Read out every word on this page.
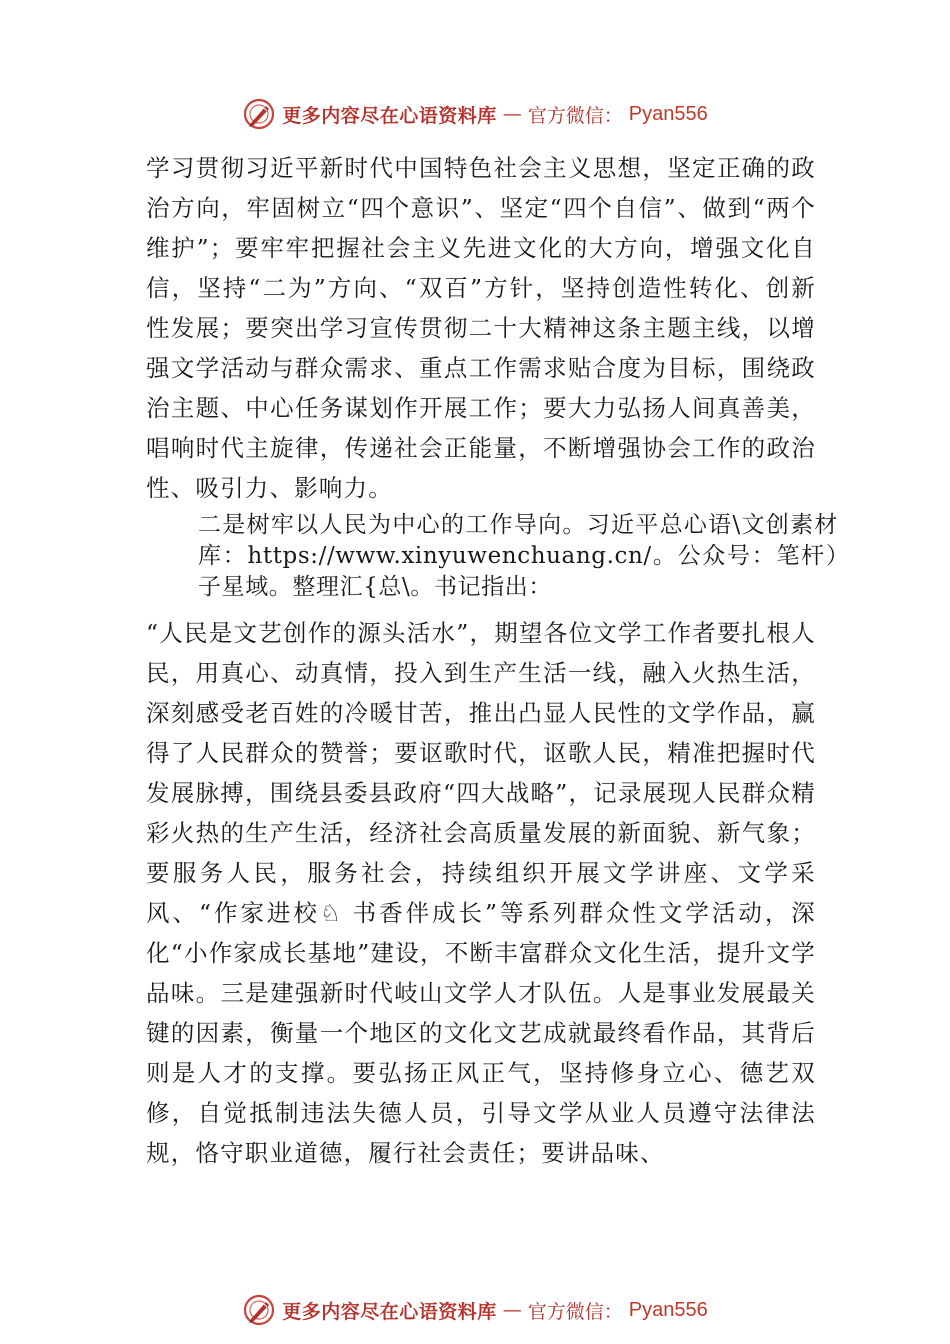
更多内容尽在心语资料库 — 官方微信： Pyan556

学习贯彻习近平新时代中国特色社会主义思想，坚定正确的政治方向，牢固树立“四个意识”、坚定“四个自信”、做到“两个维护”；要牢牢把握社会主义先进文化的大方向，增强文化自信，坚持“二为”方向、“双百”方针，坚持创造性转化、创新 性发展；要突出学习宣传贯彻二十大精神这条主题主线，以增强文学活动与群众需求、重点工作需求贴合度为目标，围绕政治主题、中心任务谋划作开展工作；要大力弘扬人间真善美，唱响时代主旋律，传递社会正能量，不断增强协会工作的政治性、吸引力、影响力。

二是树牢以人民为中心的工作导向。习近平总心语\文创素材库：https://www.xinyuwenchuang.cn/。公众号：笔杆）子星域。整理汇{总\。书记指出：

“人民是文艺创作的源头活水”，期望各位文学工作者要扎根人民，用真心、动真情，投入到生产生活一线，融入火热生活，深刻感受老百姓的冷暖甘苦，推出凸显人民性的文学作品，赢得了人民群众的赞誉；要讴歌时代，讴歌人民，精准把握时代发展脉搏，围绕县委县政府“四大战略”，记录展现人民群众精彩火热的生产生活，经济社会高质量发展的新面貌、新气象；要服务人民，服务社会，持续组织开展文学讲座、文学采风、“作家进校♘ 书香伴成长”等系列群众性文学活动，深化“小作家成长基地”建设，不断丰富群众文化生活，提升文学品味。三是建强新时代岐山文学人才队伍。人是事业发展最关键的因素，衡量一个地区的文化文艺成就最终看作品，其背后则是人才的支撑。要弘扬正风正气，坚持修身立心、德艺双修，自觉抵制违法失德人员，引导文学从业人员遵守法律法规，恪守职业道德，履行社会责任；要讲品味、

更多内容尽在心语资料库 — 官方微信： Pyan556
